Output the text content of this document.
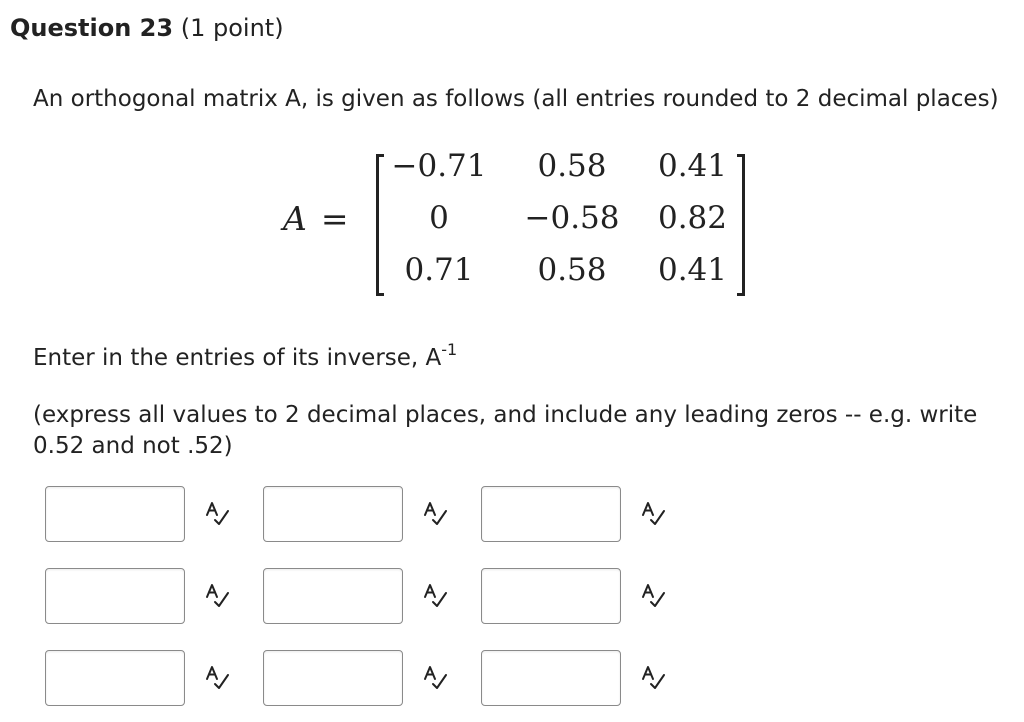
Question 23 (1 point)
An orthogonal matrix A, is given as follows (all entries rounded to 2 decimal places)
A =
−0.71	0.58	0.41
0	−0.58 0.82
0.71	0.58	0.41
Enter in the entries of its inverse, $A^{-1}$
(express all values to 2 decimal places, and include any leading zeros -- e.g. write 0.52 and not .52)
